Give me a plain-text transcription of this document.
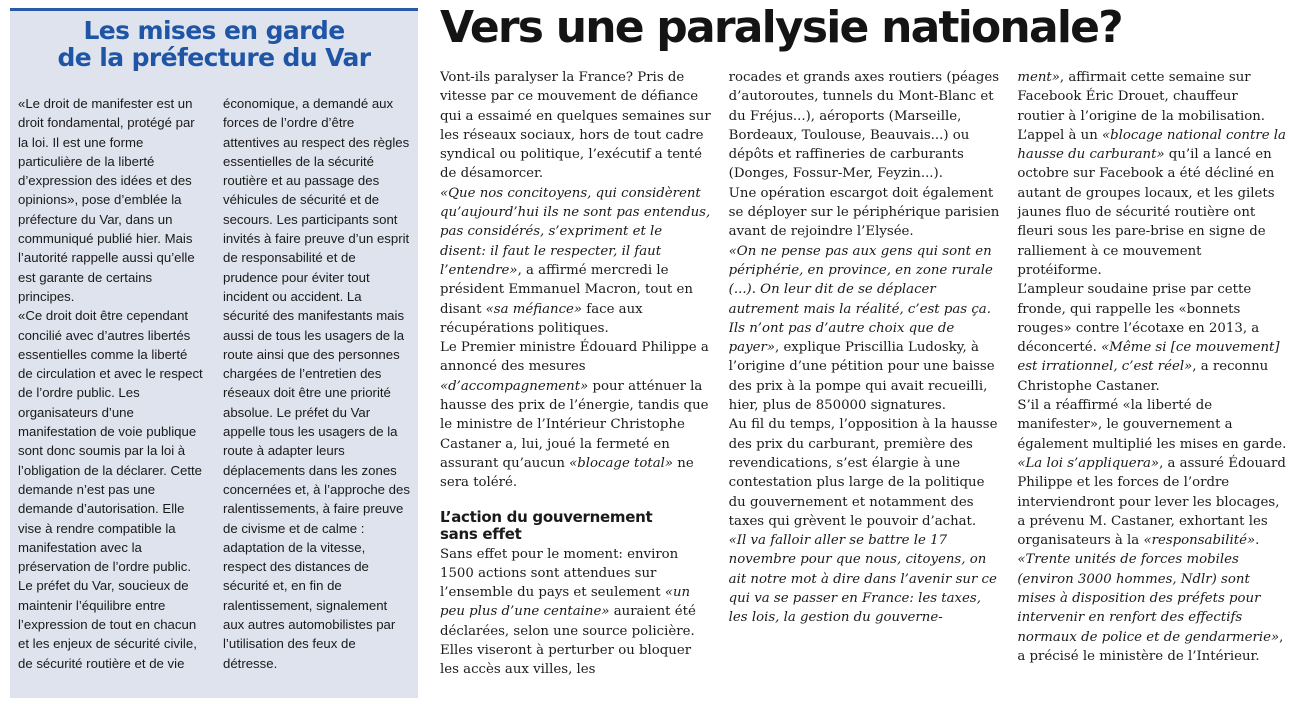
Les mises en garde
de la préfecture du Var

«Le droit de manifester est un droit fondamental, protégé par la loi. Il est une forme particulière de la liberté d’expression des idées et des opinions», pose d’emblée la préfecture du Var, dans un communiqué publié hier. Mais l’autorité rappelle aussi qu’elle est garante de certains principes.

«Ce droit doit être cependant concilié avec d’autres libertés essentielles comme la liberté de circulation et avec le respect de l’ordre public. Les organisateurs d’une manifestation de voie publique sont donc soumis par la loi à l’obligation de la déclarer. Cette demande n’est pas une demande d’autorisation. Elle vise à rendre compatible la manifestation avec la préservation de l’ordre public. Le préfet du Var, soucieux de maintenir l’équilibre entre l’expression de tout en chacun et les enjeux de sécurité civile, de sécurité routière et de vie

économique, a demandé aux forces de l’ordre d’être attentives au respect des règles essentielles de la sécurité routière et au passage des véhicules de sécurité et de secours. Les participants sont invités à faire preuve d’un esprit de responsabilité et de prudence pour éviter tout incident ou accident. La sécurité des manifestants mais aussi de tous les usagers de la route ainsi que des personnes chargées de l’entretien des réseaux doit être une priorité absolue. Le préfet du Var appelle tous les usagers de la route à adapter leurs déplacements dans les zones concernées et, à l’approche des ralentissements, à faire preuve de civisme et de calme : adaptation de la vitesse, respect des distances de sécurité et, en fin de ralentissement, signalement aux autres automobilistes par l’utilisation des feux de détresse.

Vers une paralysie nationale?

Vont-ils paralyser la France? Pris de vitesse par ce mouvement de défiance qui a essaimé en quelques semaines sur les réseaux sociaux, hors de tout cadre syndical ou politique, l’exécutif a tenté de désamorcer.

«Que nos concitoyens, qui considèrent qu’aujourd’hui ils ne sont pas entendus, pas considérés, s’expriment et le disent: il faut le respecter, il faut l’entendre», a affirmé mercredi le président Emmanuel Macron, tout en disant «sa méfiance» face aux récupérations politiques.

Le Premier ministre Édouard Philippe a annoncé des mesures «d’accompagnement» pour atténuer la hausse des prix de l’énergie, tandis que le ministre de l’Intérieur Christophe Castaner a, lui, joué la fermeté en assurant qu’aucun «blocage total» ne sera toléré.

L’action du gouvernement
sans effet

Sans effet pour le moment: environ 1500 actions sont attendues sur l’ensemble du pays et seulement «un peu plus d’une centaine» auraient été déclarées, selon une source policière. Elles viseront à perturber ou bloquer les accès aux villes, les

rocades et grands axes routiers (péages d’autoroutes, tunnels du Mont-Blanc et du Fréjus...), aéroports (Marseille, Bordeaux, Toulouse, Beauvais...) ou dépôts et raffineries de carburants (Donges, Fossur-Mer, Feyzin...).

Une opération escargot doit également se déployer sur le périphérique parisien avant de rejoindre l’Elysée.

«On ne pense pas aux gens qui sont en périphérie, en province, en zone rurale (...). On leur dit de se déplacer autrement mais la réalité, c’est pas ça. Ils n’ont pas d’autre choix que de payer», explique Priscillia Ludosky, à l’origine d’une pétition pour une baisse des prix à la pompe qui avait recueilli, hier, plus de 850000 signatures.

Au fil du temps, l’opposition à la hausse des prix du carburant, première des revendications, s’est élargie à une contestation plus large de la politique du gouvernement et notamment des taxes qui grèvent le pouvoir d’achat.

«Il va falloir aller se battre le 17 novembre pour que nous, citoyens, on ait notre mot à dire dans l’avenir sur ce qui va se passer en France: les taxes, les lois, la gestion du gouverne-

ment», affirmait cette semaine sur Facebook Éric Drouet, chauffeur routier à l’origine de la mobilisation.

L’appel à un «blocage national contre la hausse du carburant» qu’il a lancé en octobre sur Facebook a été décliné en autant de groupes locaux, et les gilets jaunes fluo de sécurité routière ont fleuri sous les pare-brise en signe de ralliement à ce mouvement protéiforme.

L’ampleur soudaine prise par cette fronde, qui rappelle les «bonnets rouges» contre l’écotaxe en 2013, a déconcerté. «Même si [ce mouvement] est irrationnel, c’est réel», a reconnu Christophe Castaner.

S’il a réaffirmé «la liberté de manifester», le gouvernement a également multiplié les mises en garde. «La loi s’appliquera», a assuré Édouard Philippe et les forces de l’ordre interviendront pour lever les blocages, a prévenu M. Castaner, exhortant les organisateurs à la «responsabilité».

«Trente unités de forces mobiles (environ 3000 hommes, Ndlr) sont mises à disposition des préfets pour intervenir en renfort des effectifs normaux de police et de gendarmerie», a précisé le ministère de l’Intérieur.
